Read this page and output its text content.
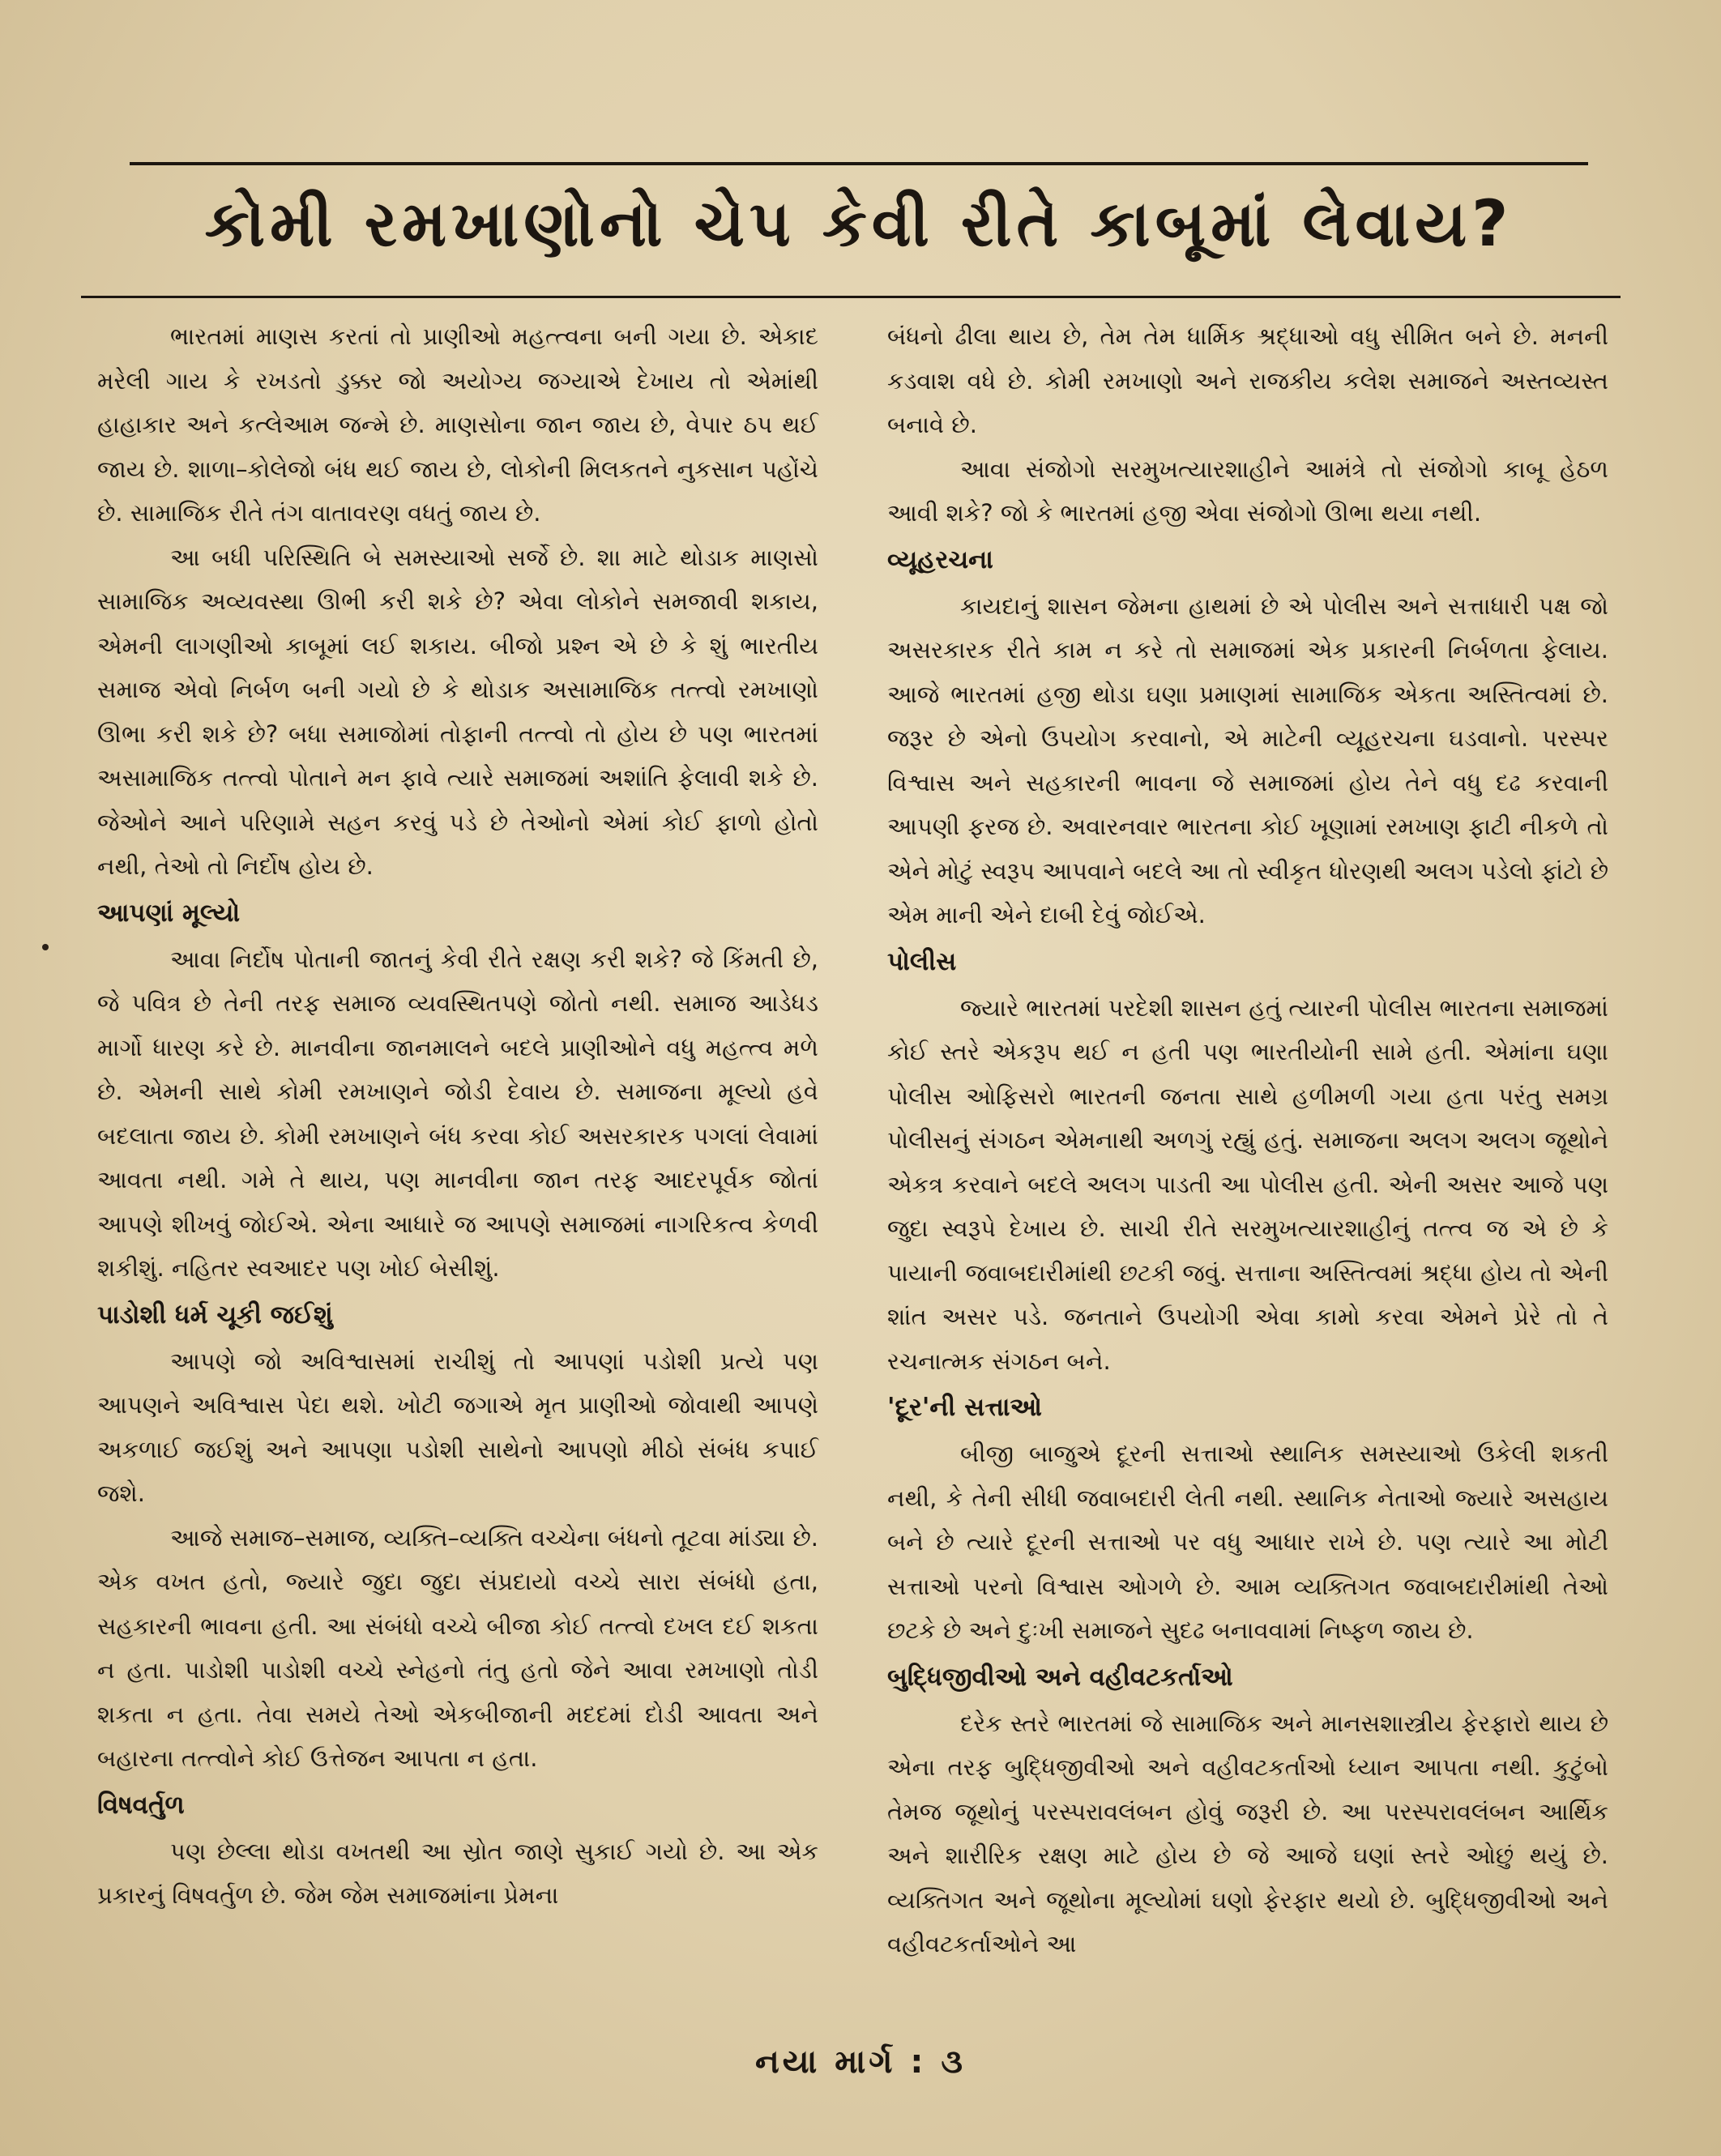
કોમી રમખાણોનો ચેપ કેવી રીતે કાબૂમાં લેવાય?

ભારતમાં માણસ કરતાં તો પ્રાણીઓ મહત્ત્વના બની ગયા છે. એકાદ મરેલી ગાય કે રખડતો ડુક્કર જો અયોગ્ય જગ્યાએ દેખાય તો એમાંથી હાહાકાર અને કત્લેઆમ જન્મે છે. માણસોના જાન જાય છે, વેપાર ઠપ થઈ જાય છે. શાળા–કોલેજો બંધ થઈ જાય છે, લોકોની મિલકતને નુકસાન પહોંચે છે. સામાજિક રીતે તંગ વાતાવરણ વધતું જાય છે.

આ બધી પરિસ્થિતિ બે સમસ્યાઓ સર્જે છે. શા માટે થોડાક માણસો સામાજિક અવ્યવસ્થા ઊભી કરી શકે છે? એવા લોકોને સમજાવી શકાય, એમની લાગણીઓ કાબૂમાં લઈ શકાય. બીજો પ્રશ્ન એ છે કે શું ભારતીય સમાજ એવો નિર્બળ બની ગયો છે કે થોડાક અસામાજિક તત્ત્વો રમખાણો ઊભા કરી શકે છે? બધા સમાજોમાં તોફાની તત્ત્વો તો હોય છે પણ ભારતમાં અસામાજિક તત્ત્વો પોતાને મન ફાવે ત્યારે સમાજમાં અશાંતિ ફેલાવી શકે છે. જેઓને આને પરિણામે સહન કરવું પડે છે તેઓનો એમાં કોઈ ફાળો હોતો નથી, તેઓ તો નિર્દોષ હોય છે.

આપણાં મૂલ્યો

આવા નિર્દોષ પોતાની જાતનું કેવી રીતે રક્ષણ કરી શકે? જે કિંમતી છે, જે પવિત્ર છે તેની તરફ સમાજ વ્યવસ્થિતપણે જોતો નથી. સમાજ આડેધડ માર્ગો ધારણ કરે છે. માનવીના જાનમાલને બદલે પ્રાણીઓને વધુ મહત્ત્વ મળે છે. એમની સાથે કોમી રમખાણને જોડી દેવાય છે. સમાજના મૂલ્યો હવે બદલાતા જાય છે. કોમી રમખાણને બંધ કરવા કોઈ અસરકારક પગલાં લેવામાં આવતા નથી. ગમે તે થાય, પણ માનવીના જાન તરફ આદરપૂર્વક જોતાં આપણે શીખવું જોઈએ. એના આધારે જ આપણે સમાજમાં નાગરિકત્વ કેળવી શકીશું. નહિતર સ્વઆદર પણ ખોઈ બેસીશું.

પાડોશી ધર્મ ચૂકી જઈશું

આપણે જો અવિશ્વાસમાં રાચીશું તો આપણાં પડોશી પ્રત્યે પણ આપણને અવિશ્વાસ પેદા થશે. ખોટી જગાએ મૃત પ્રાણીઓ જોવાથી આપણે અકળાઈ જઈશું અને આપણા પડોશી સાથેનો આપણો મીઠો સંબંધ કપાઈ જશે.

આજે સમાજ–સમાજ, વ્યક્તિ–વ્યક્તિ વચ્ચેના બંધનો તૂટવા માંડ્યા છે. એક વખત હતો, જ્યારે જુદા જુદા સંપ્રદાયો વચ્ચે સારા સંબંધો હતા, સહકારની ભાવના હતી. આ સંબંધો વચ્ચે બીજા કોઈ તત્ત્વો દખલ દઈ શકતા ન હતા. પાડોશી પાડોશી વચ્ચે સ્નેહનો તંતુ હતો જેને આવા રમખાણો તોડી શકતા ન હતા. તેવા સમયે તેઓ એકબીજાની મદદમાં દોડી આવતા અને બહારના તત્ત્વોને કોઈ ઉત્તેજન આપતા ન હતા.

વિષવર્તુળ

પણ છેલ્લા થોડા વખતથી આ સ્રોત જાણે સુકાઈ ગયો છે. આ એક પ્રકારનું વિષવર્તુળ છે. જેમ જેમ સમાજમાંના પ્રેમના

બંધનો ઢીલા થાય છે, તેમ તેમ ધાર્મિક શ્રદ્ધાઓ વધુ સીમિત બને છે. મનની કડવાશ વધે છે. કોમી રમખાણો અને રાજકીય કલેશ સમાજને અસ્તવ્યસ્ત બનાવે છે.

આવા સંજોગો સરમુખત્યારશાહીને આમંત્રે તો સંજોગો કાબૂ હેઠળ આવી શકે? જો કે ભારતમાં હજી એવા સંજોગો ઊભા થયા નથી.

વ્યૂહરચના

કાયદાનું શાસન જેમના હાથમાં છે એ પોલીસ અને સત્તાધારી પક્ષ જો અસરકારક રીતે કામ ન કરે તો સમાજમાં એક પ્રકારની નિર્બળતા ફેલાય. આજે ભારતમાં હજી થોડા ઘણા પ્રમાણમાં સામાજિક એકતા અસ્તિત્વમાં છે. જરૂર છે એનો ઉપયોગ કરવાનો, એ માટેની વ્યૂહરચના ઘડવાનો. પરસ્પર વિશ્વાસ અને સહકારની ભાવના જે સમાજમાં હોય તેને વધુ દઢ કરવાની આપણી ફરજ છે. અવારનવાર ભારતના કોઈ ખૂણામાં રમખાણ ફાટી નીકળે તો એને મોટું સ્વરૂપ આપવાને બદલે આ તો સ્વીકૃત ધોરણથી અલગ પડેલો ફાંટો છે એમ માની એને દાબી દેવું જોઈએ.

પોલીસ

જ્યારે ભારતમાં પરદેશી શાસન હતું ત્યારની પોલીસ ભારતના સમાજમાં કોઈ સ્તરે એકરૂપ થઈ ન હતી પણ ભારતીયોની સામે હતી. એમાંના ઘણા પોલીસ ઓફિસરો ભારતની જનતા સાથે હળીમળી ગયા હતા પરંતુ સમગ્ર પોલીસનું સંગઠન એમનાથી અળગું રહ્યું હતું. સમાજના અલગ અલગ જૂથોને એકત્ર કરવાને બદલે અલગ પાડતી આ પોલીસ હતી. એની અસર આજે પણ જુદા સ્વરૂપે દેખાય છે. સાચી રીતે સરમુખત્યારશાહીનું તત્ત્વ જ એ છે કે પાયાની જવાબદારીમાંથી છટકી જવું. સત્તાના અસ્તિત્વમાં શ્રદ્ધા હોય તો એની શાંત અસર પડે. જનતાને ઉપયોગી એવા કામો કરવા એમને પ્રેરે તો તે રચનાત્મક સંગઠન બને.

'દૂર'ની સત્તાઓ

બીજી બાજુએ દૂરની સત્તાઓ સ્થાનિક સમસ્યાઓ ઉકેલી શકતી નથી, કે તેની સીધી જવાબદારી લેતી નથી. સ્થાનિક નેતાઓ જ્યારે અસહાય બને છે ત્યારે દૂરની સત્તાઓ પર વધુ આધાર રાખે છે. પણ ત્યારે આ મોટી સત્તાઓ પરનો વિશ્વાસ ઓગળે છે. આમ વ્યક્તિગત જવાબદારીમાંથી તેઓ છટકે છે અને દુઃખી સમાજને સુદઢ બનાવવામાં નિષ્ફળ જાય છે.

બુદ્ધિજીવીઓ અને વહીવટકર્તાઓ

દરેક સ્તરે ભારતમાં જે સામાજિક અને માનસશાસ્ત્રીય ફેરફારો થાય છે એના તરફ બુદ્ધિજીવીઓ અને વહીવટકર્તાઓ ધ્યાન આપતા નથી. કુટુંબો તેમજ જૂથોનું પરસ્પરાવલંબન હોવું જરૂરી છે. આ પરસ્પરાવલંબન આર્થિક અને શારીરિક રક્ષણ માટે હોય છે જે આજે ઘણાં સ્તરે ઓછું થયું છે. વ્યક્તિગત અને જૂથોના મૂલ્યોમાં ઘણો ફેરફાર થયો છે. બુદ્ધિજીવીઓ અને વહીવટકર્તાઓને આ

નયા માર્ગ : ૩
